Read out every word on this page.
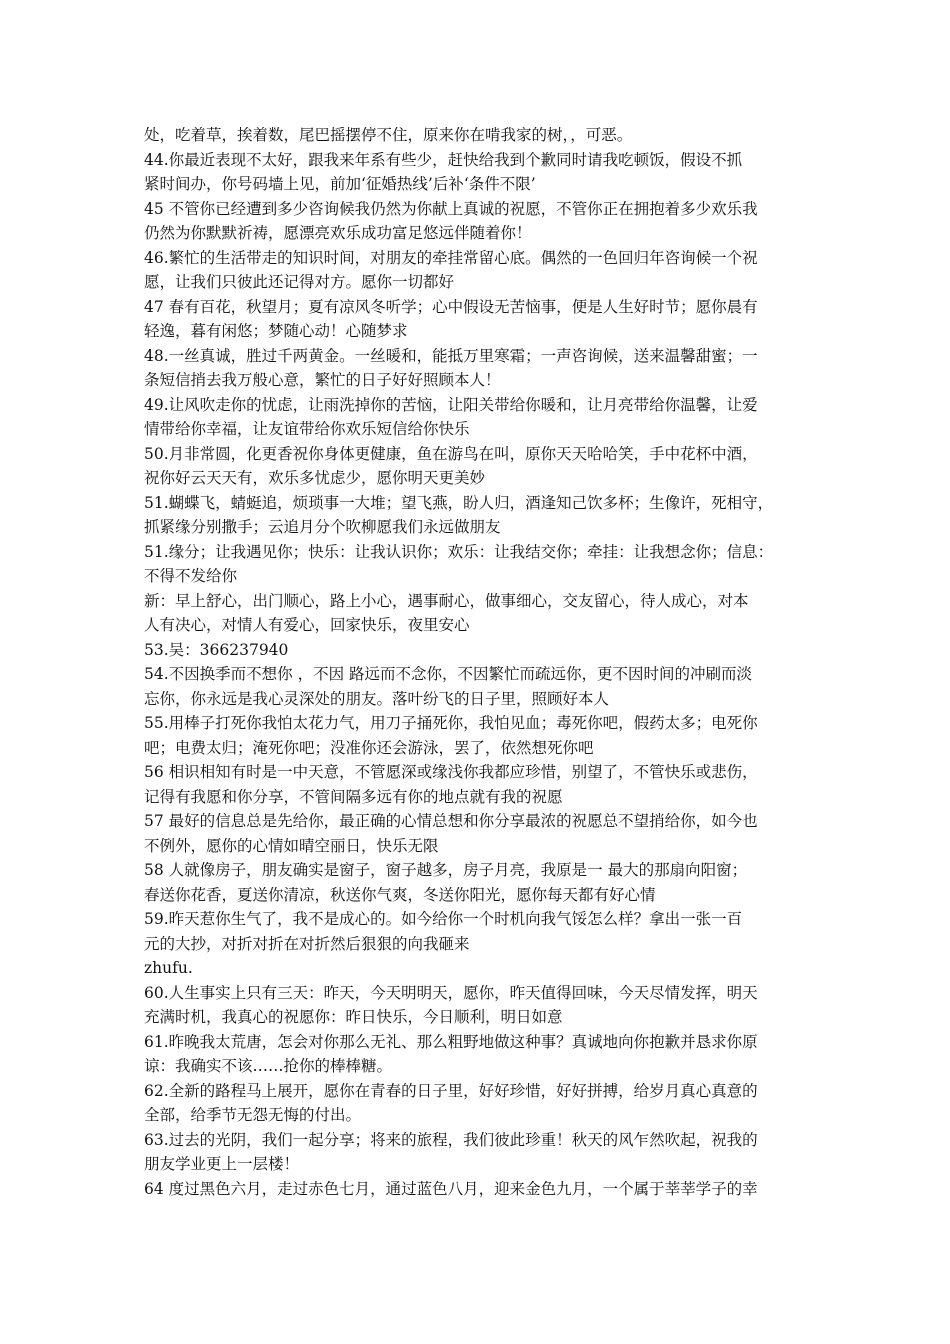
处，吃着草，挨着数，尾巴摇摆停不住，原来你在啃我家的树，，可恶。
44.你最近表现不太好，跟我来年系有些少，赶快给我到个歉同时请我吃顿饭，假设不抓
紧时间办，你号码墙上见，前加‘征婚热线’后补‘条件不限’
45 不管你已经遭到多少咨询候我仍然为你献上真诚的祝愿，不管你正在拥抱着多少欢乐我
仍然为你默默祈祷，愿漂亮欢乐成功富足悠远伴随着你！
46.繁忙的生活带走的知识时间，对朋友的牵挂常留心底。偶然的一色回归年咨询候一个祝
愿，让我们只彼此还记得对方。愿你一切都好
47 春有百花，秋望月；夏有凉风冬听学；心中假设无苦恼事，便是人生好时节；愿你晨有
轻逸，暮有闲悠；梦随心动！心随梦求
48.一丝真诚，胜过千两黄金。一丝暖和，能抵万里寒霜；一声咨询候，送来温馨甜蜜；一
条短信捎去我万般心意，繁忙的日子好好照顾本人！
49.让风吹走你的忧虑，让雨洗掉你的苦恼，让阳关带给你暖和，让月亮带给你温馨，让爱
情带给你幸福，让友谊带给你欢乐短信给你快乐
50.月非常圆，化更香祝你身体更健康，鱼在游鸟在叫，原你天天哈哈笑，手中花杯中酒，
祝你好云天天有，欢乐多忧虑少，愿你明天更美妙
51.蝴蝶飞，蜻蜓追，烦琐事一大堆；望飞燕，盼人归，酒逢知己饮多杯；生像许，死相守，
抓紧缘分别撒手；云追月分个吹柳愿我们永远做朋友
51.缘分；让我遇见你；快乐：让我认识你；欢乐：让我结交你；牵挂：让我想念你；信息：
不得不发给你
新：早上舒心，出门顺心，路上小心，遇事耐心，做事细心，交友留心，待人成心，对本
人有决心，对情人有爱心，回家快乐，夜里安心
53.吴：366237940
54.不因换季而不想你 ，不因 路远而不念你，不因繁忙而疏远你，更不因时间的冲刷而淡
忘你，你永远是我心灵深处的朋友。落叶纷飞的日子里，照顾好本人
55.用棒子打死你我怕太花力气，用刀子捅死你，我怕见血；毒死你吧，假药太多；电死你
吧；电费太归；淹死你吧；没准你还会游泳，罢了，依然想死你吧
56 相识相知有时是一中天意，不管愿深或缘浅你我都应珍惜，别望了，不管快乐或悲伤，
记得有我愿和你分享，不管间隔多远有你的地点就有我的祝愿
57 最好的信息总是先给你，最正确的心情总想和你分享最浓的祝愿总不望捎给你，如今也
不例外，愿你的心情如晴空丽日，快乐无限
58 人就像房子，朋友确实是窗子，窗子越多，房子月亮，我原是一 最大的那扇向阳窗；
春送你花香，夏送你清凉，秋送你气爽，冬送你阳光，愿你每天都有好心情
59.昨天惹你生气了，我不是成心的。如今给你一个时机向我气馁怎么样？拿出一张一百
元的大抄，对折对折在对折然后狠狠的向我砸来
zhufu.
60.人生事实上只有三天：昨天，今天明明天，愿你，昨天值得回味，今天尽情发挥，明天
充满时机，我真心的祝愿你：昨日快乐，今日顺利，明日如意
61.昨晚我太荒唐，怎会对你那么无礼、那么粗野地做这种事？真诚地向你抱歉并恳求你原
谅：我确实不该……抢你的棒棒糖。
62.全新的路程马上展开，愿你在青春的日子里，好好珍惜，好好拼搏，给岁月真心真意的
全部，给季节无怨无悔的付出。
63.过去的光阴，我们一起分享；将来的旅程，我们彼此珍重！秋天的风乍然吹起，祝我的
朋友学业更上一层楼！
64 度过黑色六月，走过赤色七月，通过蓝色八月，迎来金色九月，一个属于莘莘学子的幸
